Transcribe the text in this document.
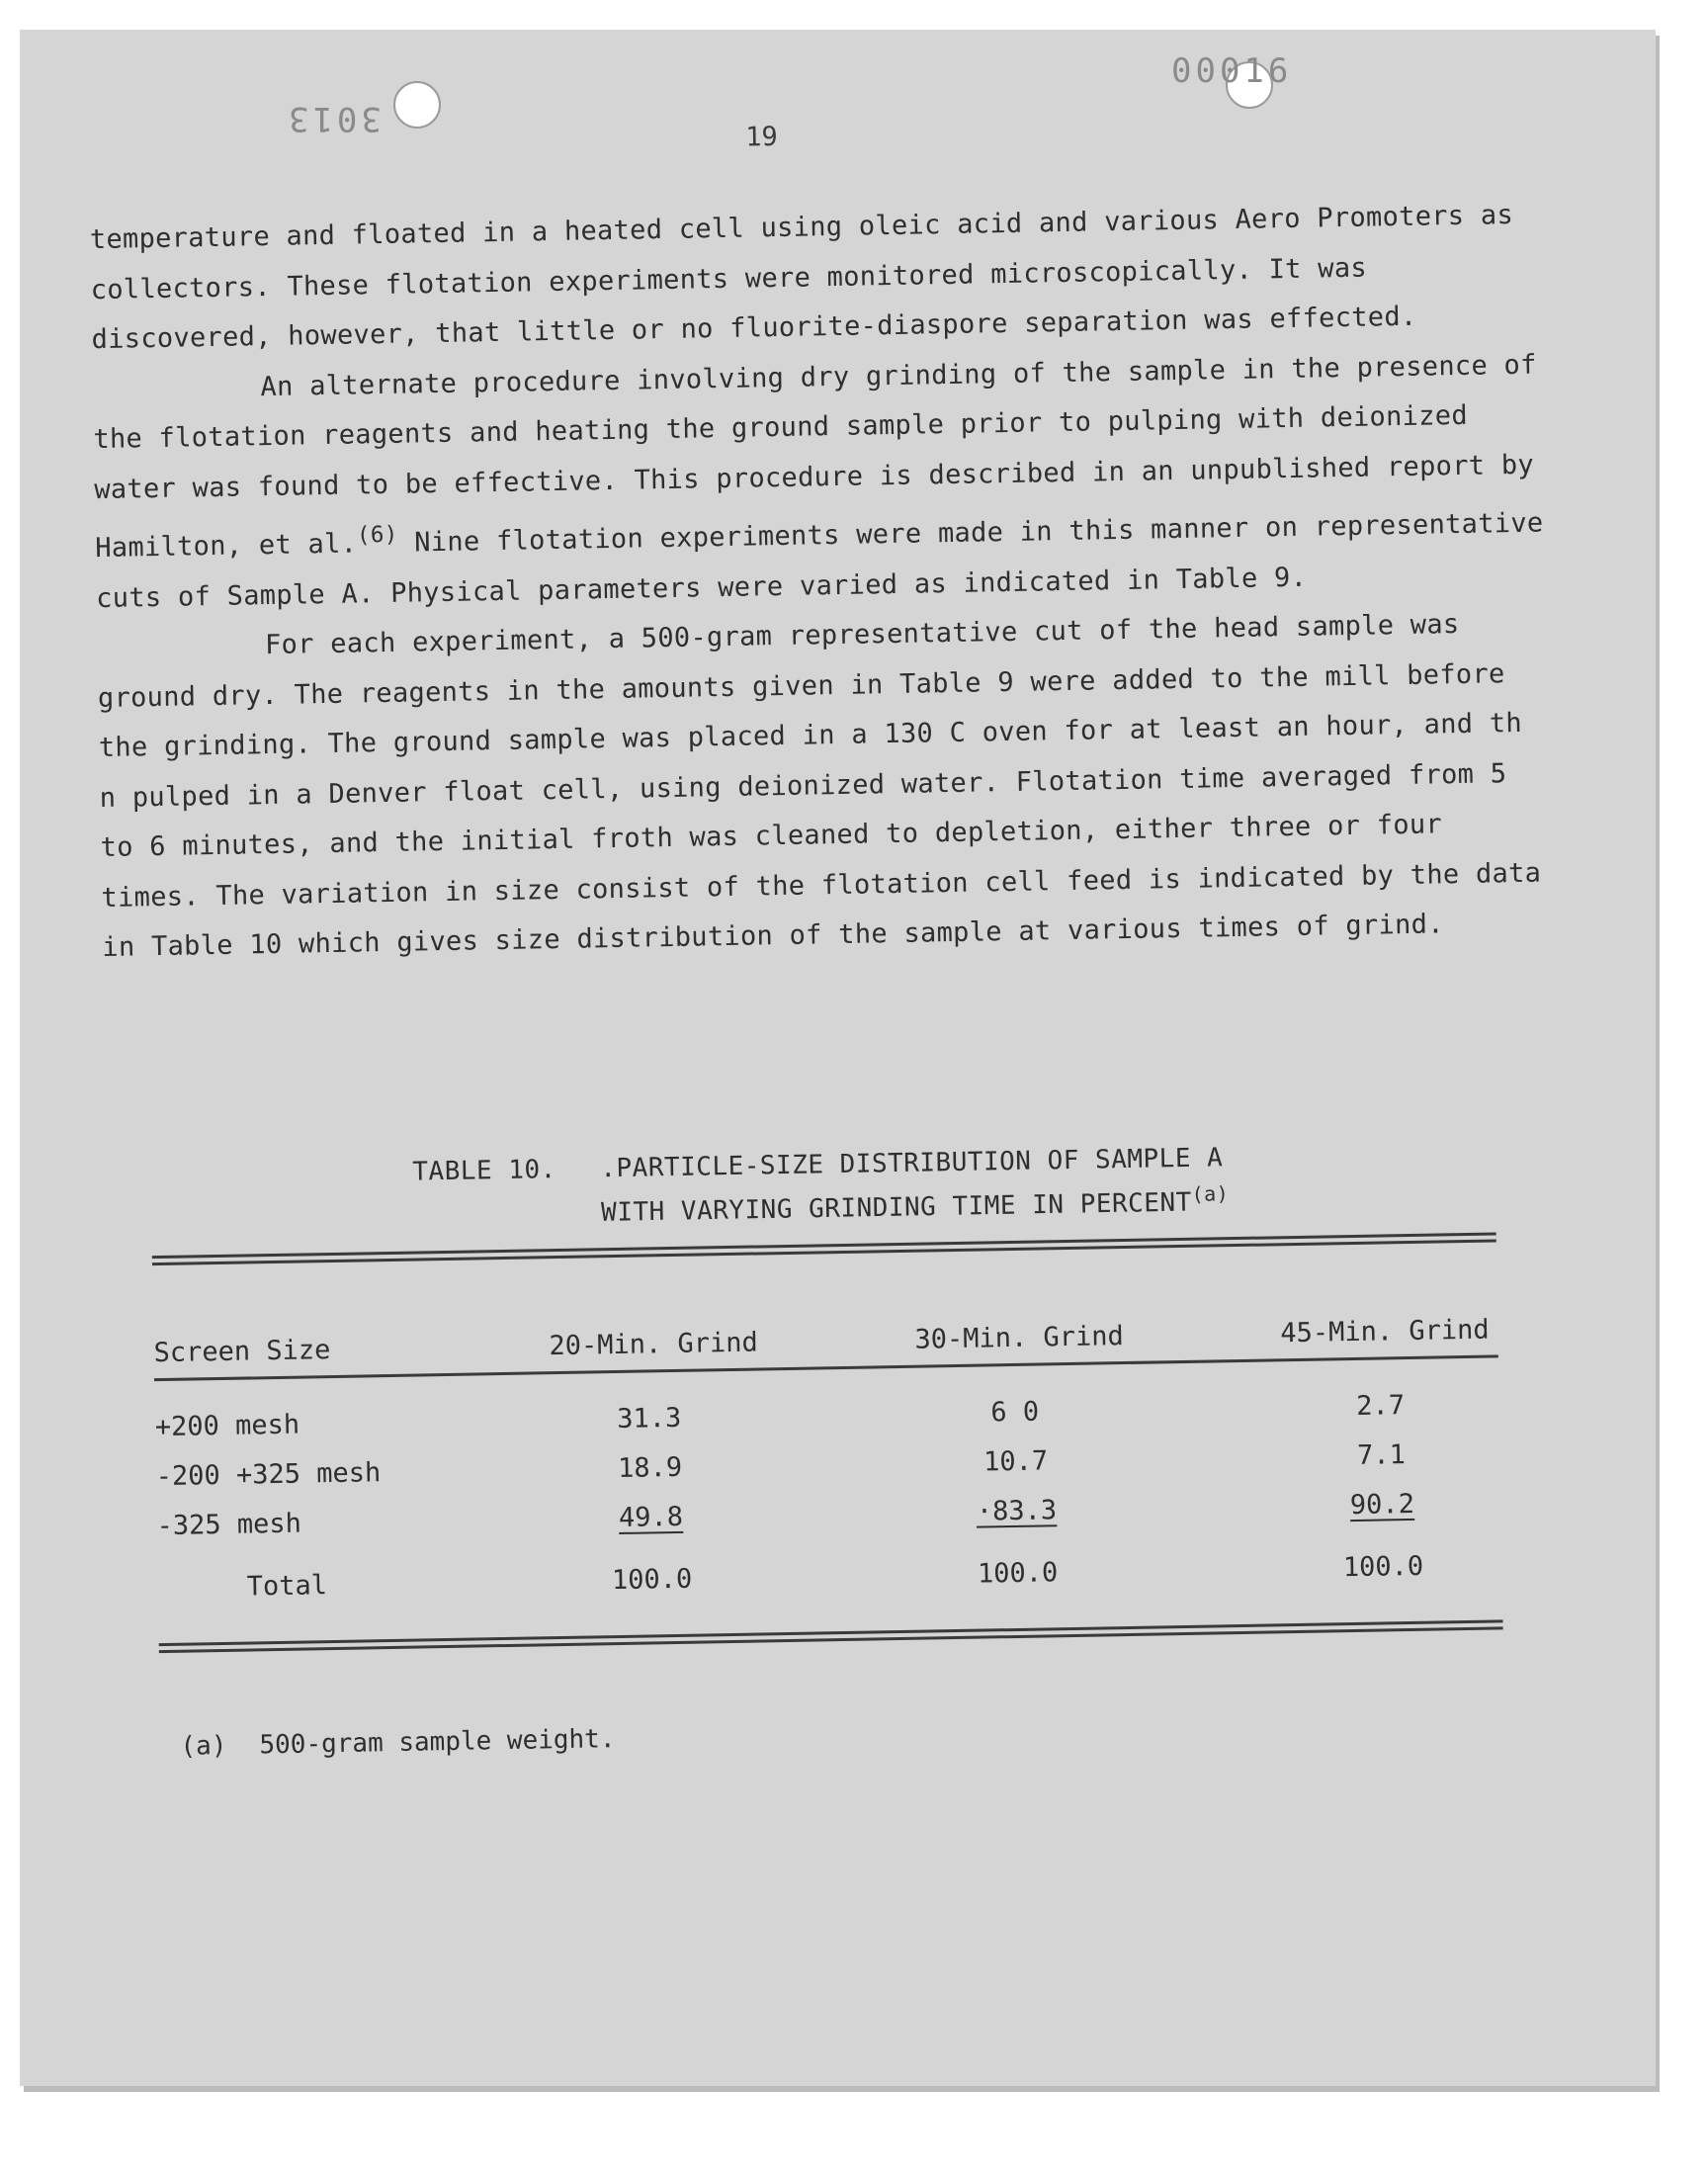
3013
00016
19

temperature and floated in a heated cell using oleic acid and various Aero Promoters as collectors. These flotation experiments were monitored microscopically. It was discovered, however, that little or no fluorite-diaspore separation was effected.

An alternate procedure involving dry grinding of the sample in the presence of the flotation reagents and heating the ground sample prior to pulping with deionized water was found to be effective. This procedure is described in an unpublished report by Hamilton, et al.$^{(6)}$ Nine flotation experiments were made in this manner on representative cuts of Sample A. Physical parameters were varied as indicated in Table 9.

For each experiment, a 500-gram representative cut of the head sample was ground dry. The reagents in the amounts given in Table 9 were added to the mill before the grinding. The ground sample was placed in a 130 C oven for at least an hour, and th n pulped in a Denver float cell, using deionized water. Flotation time averaged from 5 to 6 minutes, and the initial froth was cleaned to depletion, either three or four times. The variation in size consist of the flotation cell feed is indicated by the data in Table 10 which gives size distribution of the sample at various times of grind.

TABLE 10. .PARTICLE-SIZE DISTRIBUTION OF SAMPLE A
WITH VARYING GRINDING TIME IN PERCENT$^{(a)}$
Screen Size	20-Min. Grind	30-Min. Grind	45-Min. Grind
+200 mesh	31.3	6 0	2.7
-200 +325 mesh	18.9	10.7	7.1
-325 mesh	49.8	·83.3	90.2
Total	100.0	100.0	100.0
(a) 500-gram sample weight.
